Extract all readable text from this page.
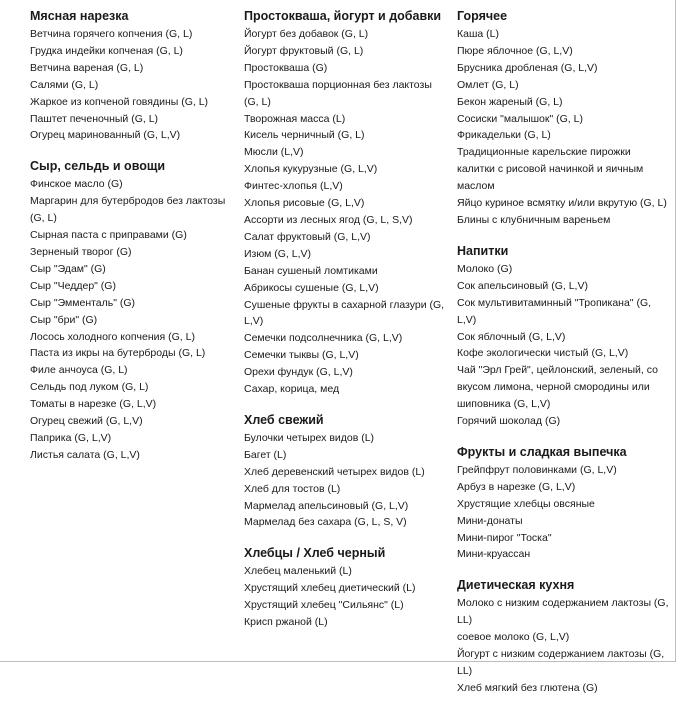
Мясная нарезка
Ветчина горячего копчения (G, L)
Грудка индейки копченая (G, L)
Ветчина вареная (G, L)
Салями (G, L)
Жаркое из копченой говядины (G, L)
Паштет печеночный (G, L)
Огурец маринованный (G, L,V)
Сыр, сельдь и овощи
Финское масло (G)
Маргарин для бутербродов без лактозы (G, L)
Сырная паста с приправами (G)
Зерненый творог (G)
Сыр "Эдам" (G)
Сыр "Чеддер" (G)
Сыр "Эмменталь" (G)
Сыр "бри" (G)
Лосось холодного копчения (G, L)
Паста из икры на бутерброды (G, L)
Филе анчоуса (G, L)
Сельдь под луком (G, L)
Томаты в нарезке (G, L,V)
Огурец свежий (G, L,V)
Паприка (G, L,V)
Листья салата (G, L,V)
Простокваша, йогурт и добавки
Йогурт без добавок (G, L)
Йогурт фруктовый (G, L)
Простокваша (G)
Простокваша порционная без лактозы (G, L)
Творожная масса (L)
Кисель черничный (G, L)
Мюсли (L,V)
Хлопья кукурузные (G, L,V)
Финтес-хлопья (L,V)
Хлопья рисовые (G, L,V)
Ассорти из лесных ягод (G, L, S,V)
Салат фруктовый (G, L,V)
Изюм (G, L,V)
Банан сушеный ломтиками
Абрикосы сушеные (G, L,V)
Сушеные фрукты в сахарной глазури (G, L,V)
Семечки подсолнечника (G, L,V)
Семечки тыквы (G, L,V)
Орехи фундук (G, L,V)
Сахар, корица, мед
Хлеб свежий
Булочки четырех видов (L)
Багет (L)
Хлеб деревенский четырех видов (L)
Хлеб для тостов (L)
Мармелад апельсиновый (G, L,V)
Мармелад без сахара (G, L, S, V)
Хлебцы / Хлеб черный
Хлебец маленький (L)
Хрустящий хлебец диетический (L)
Хрустящий хлебец "Сильянс" (L)
Крисп ржаной (L)
Горячее
Каша (L)
Пюре яблочное (G, L,V)
Брусника дробленая (G, L,V)
Омлет (G, L)
Бекон жареный (G, L)
Сосиски "малышок" (G, L)
Фрикадельки (G, L)
Традиционные карельские пирожки калитки с рисовой начинкой и яичным маслом
Яйцо куриное всмятку и/или вкрутую (G, L)
Блины с клубничным вареньем
Напитки
Молоко (G)
Сок апельсиновый (G, L,V)
Сок мультивитаминный "Тропикана" (G, L,V)
Сок яблочный (G, L,V)
Кофе экологически чистый (G, L,V)
Чай "Эрл Грей", цейлонский, зеленый, со вкусом лимона, черной смородины или шиповника (G, L,V)
Горячий шоколад (G)
Фрукты и сладкая выпечка
Грейпфрут половинками (G, L,V)
Арбуз в нарезке (G, L,V)
Хрустящие хлебцы овсяные
Мини-донаты
Мини-пирог "Тоска"
Мини-круассан
Диетическая кухня
Молоко с низким содержанием лактозы (G, LL)
соевое молоко (G, L,V)
Йогурт с низким содержанием лактозы (G, LL)
Хлеб мягкий без глютена (G)
